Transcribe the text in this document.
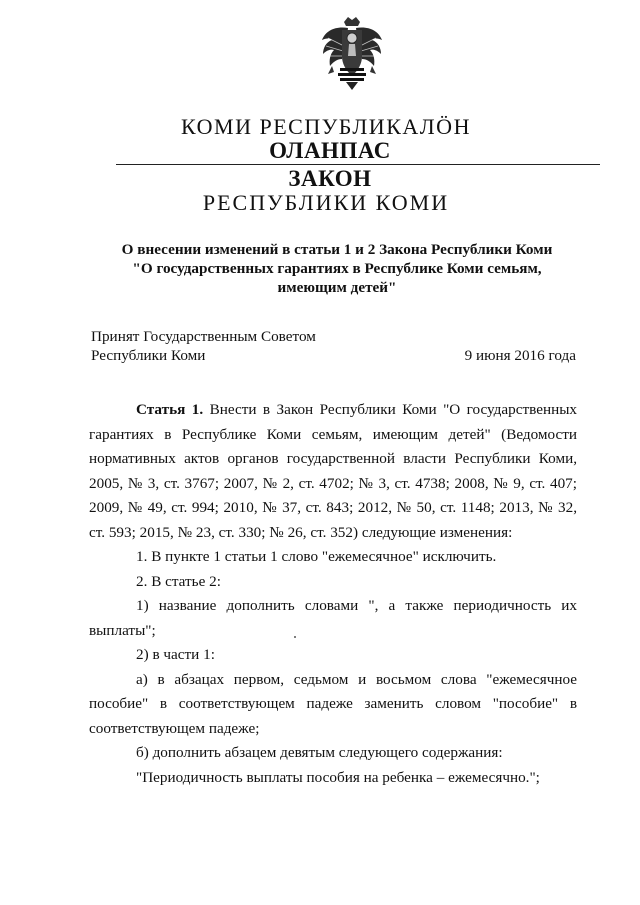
КОМИ РЕСПУБЛИКАЛӦН
ОЛАНПАС
ЗАКОН
РЕСПУБЛИКИ КОМИ
О внесении изменений в статьи 1 и 2 Закона Республики Коми
"О государственных гарантиях в Республике Коми семьям,
имеющим детей"
Принят Государственным Советом
Республики Коми	9 июня 2016 года
Статья 1. Внести в Закон Республики Коми "О государственных
гарантиях в Республике Коми семьям, имеющим детей" (Ведомости
нормативных актов органов государственной власти Республики Коми,
2005, № 3, ст. 3767; 2007, № 2, ст. 4702; № 3, ст. 4738; 2008, № 9, ст. 407;
2009, № 49, ст. 994; 2010, № 37, ст. 843; 2012, № 50, ст. 1148; 2013, № 32,
ст. 593; 2015, № 23, ст. 330; № 26, ст. 352) следующие изменения:
1. В пункте 1 статьи 1 слово "ежемесячное" исключить.
2. В статье 2:
1) название дополнить словами ", а также периодичность их
выплаты";
2) в части 1:
а) в абзацах первом, седьмом и восьмом слова "ежемесячное
пособие" в соответствующем падеже заменить словом "пособие" в
соответствующем падеже;
б) дополнить абзацем девятым следующего содержания:
"Периодичность выплаты пособия на ребенка – ежемесячно.";
